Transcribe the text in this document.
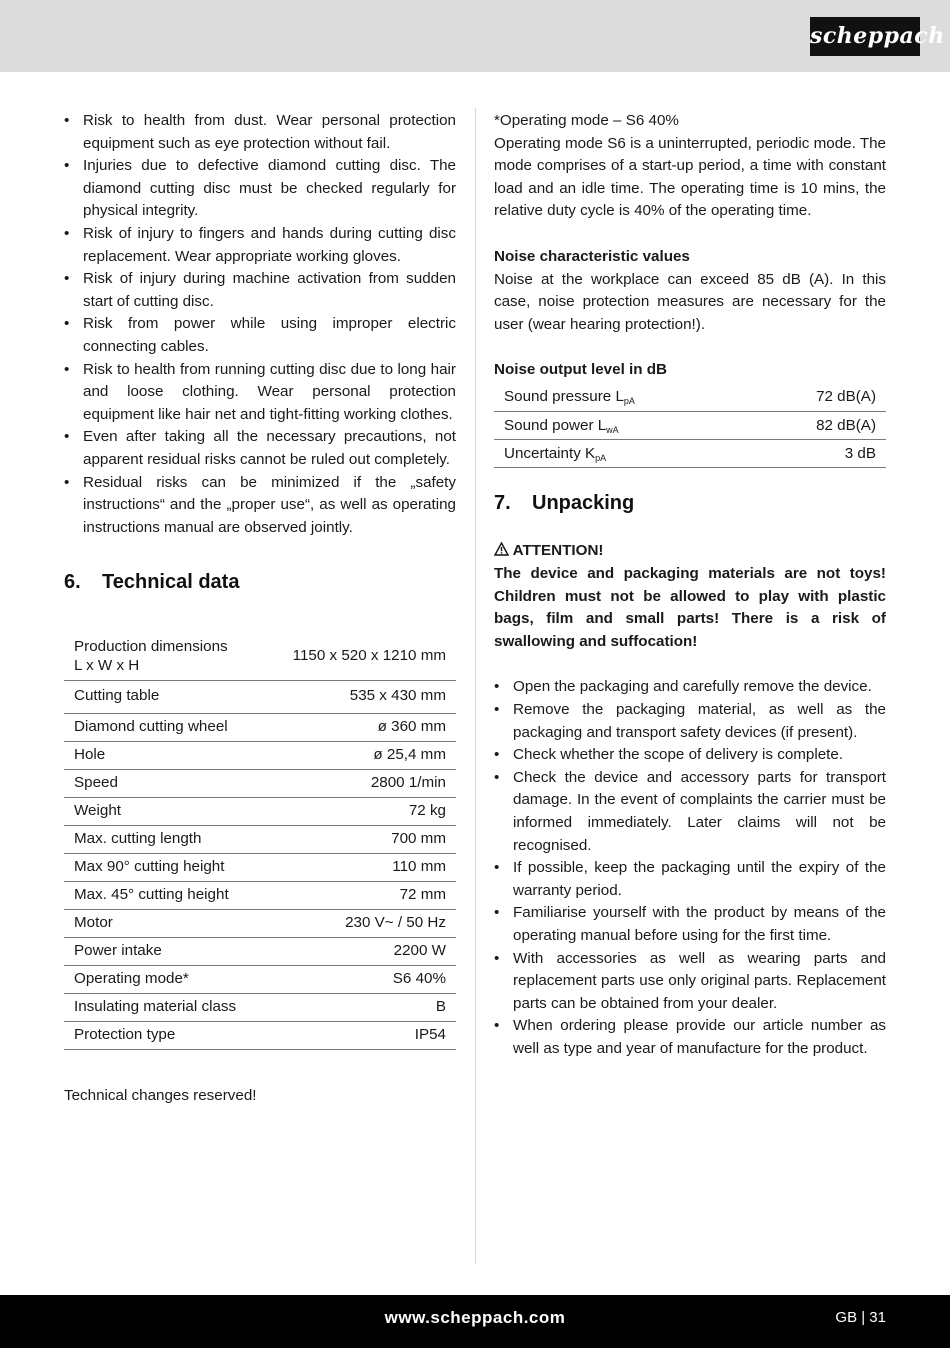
scheppach
• Risk to health from dust. Wear personal protection equipment such as eye protection without fail.
• Injuries due to defective diamond cutting disc. The diamond cutting disc must be checked regularly for physical integrity.
• Risk of injury to fingers and hands during cutting disc replacement. Wear appropriate working gloves.
• Risk of injury during machine activation from sudden start of cutting disc.
• Risk from power while using improper electric connecting cables.
• Risk to health from running cutting disc due to long hair and loose clothing. Wear personal protection equipment like hair net and tight-fitting working clothes.
• Even after taking all the necessary precautions, not apparent residual risks cannot be ruled out completely.
• Residual risks can be minimized if the „safety instructions“ and the „proper use“, as well as operating instructions manual are observed jointly.
6. Technical data
Production dimensions
L x W x H	1150 x 520 x 1210 mm
Cutting table	535 x 430 mm
Diamond cutting wheel	ø 360 mm
Hole	ø 25,4 mm
Speed	2800 1/min
Weight	72 kg
Max. cutting length	700 mm
Max 90° cutting height	110 mm
Max. 45° cutting height	72 mm
Motor	230 V~ / 50 Hz
Power intake	2200 W
Operating mode*	S6 40%
Insulating material class	B
Protection type	IP54
Technical changes reserved!
*Operating mode – S6 40%
Operating mode S6 is a uninterrupted, periodic mode. The mode comprises of a start-up period, a time with constant load and an idle time. The operating time is 10 mins, the relative duty cycle is 40% of the operating time.
Noise characteristic values
Noise at the workplace can exceed 85 dB (A). In this case, noise protection measures are necessary for the user (wear hearing protection!).
Noise output level in dB
Sound pressure $L_{pA}$	72 dB(A)
Sound power $L_{wA}$	82 dB(A)
Uncertainty $K_{pA}$	3 dB
7. Unpacking
ATTENTION!
The device and packaging materials are not toys! Children must not be allowed to play with plastic bags, film and small parts! There is a risk of swallowing and suffocation!
• Open the packaging and carefully remove the device.
• Remove the packaging material, as well as the packaging and transport safety devices (if present).
• Check whether the scope of delivery is complete.
• Check the device and accessory parts for transport damage. In the event of complaints the carrier must be informed immediately. Later claims will not be recognised.
• If possible, keep the packaging until the expiry of the warranty period.
• Familiarise yourself with the product by means of the operating manual before using for the first time.
• With accessories as well as wearing parts and replacement parts use only original parts. Replacement parts can be obtained from your dealer.
• When ordering please provide our article number as well as type and year of manufacture for the product.
www.scheppach.com	GB | 31
